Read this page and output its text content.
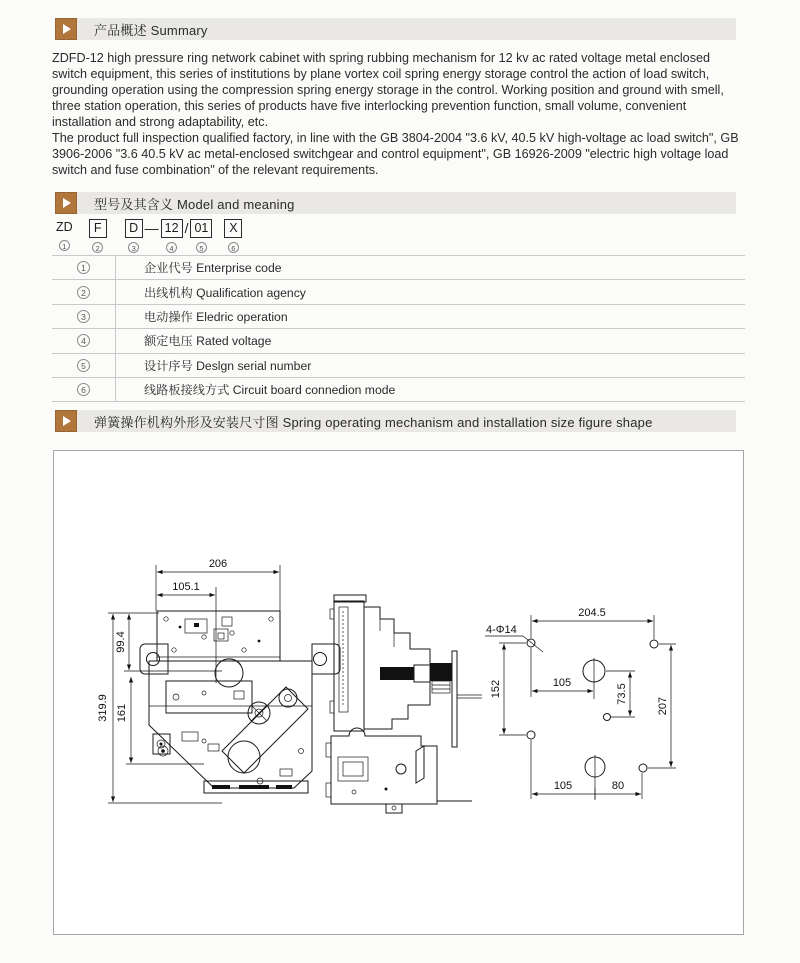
产品概述 Summary
ZDFD-12 high pressure ring network cabinet with spring rubbing mechanism for 12 kv ac rated voltage metal enclosed switch equipment, this series of institutions by plane vortex coil spring energy storage control the action of load switch, grounding operation using the compression spring energy storage in the control. Working position and ground with smell, three station operation, this series of products have five interlocking prevention function, small volume, convenient installation and strong adaptability, etc.
The product full inspection qualified factory, in line with the GB 3804-2004 "3.6 kV, 40.5 kV high-voltage ac load switch", GB 3906-2006 "3.6 40.5 kV ac metal-enclosed switchgear and control equipment", GB 16926-2009 "electric high voltage load switch and fuse combination" of the relevant requirements.
型号及其含义 Model and meaning
ZD
1
F
2
D
3
— 12
4
/ 01
5
X
6
1	企业代号 Enterprise code
2	出线机构 Qualification agency
3	电动操作 Eledric operation
4	额定电压 Rated voltage
5	设计序号 Deslgn serial number
6	线路板接线方式 Circuit board connedion mode
弹簧操作机构外形及安装尺寸图 Spring operating mechanism and installation size figure shape
206
105.1
99.4
319.9 161
4-Φ14
204.5
152	105
73.5
207
105	80
